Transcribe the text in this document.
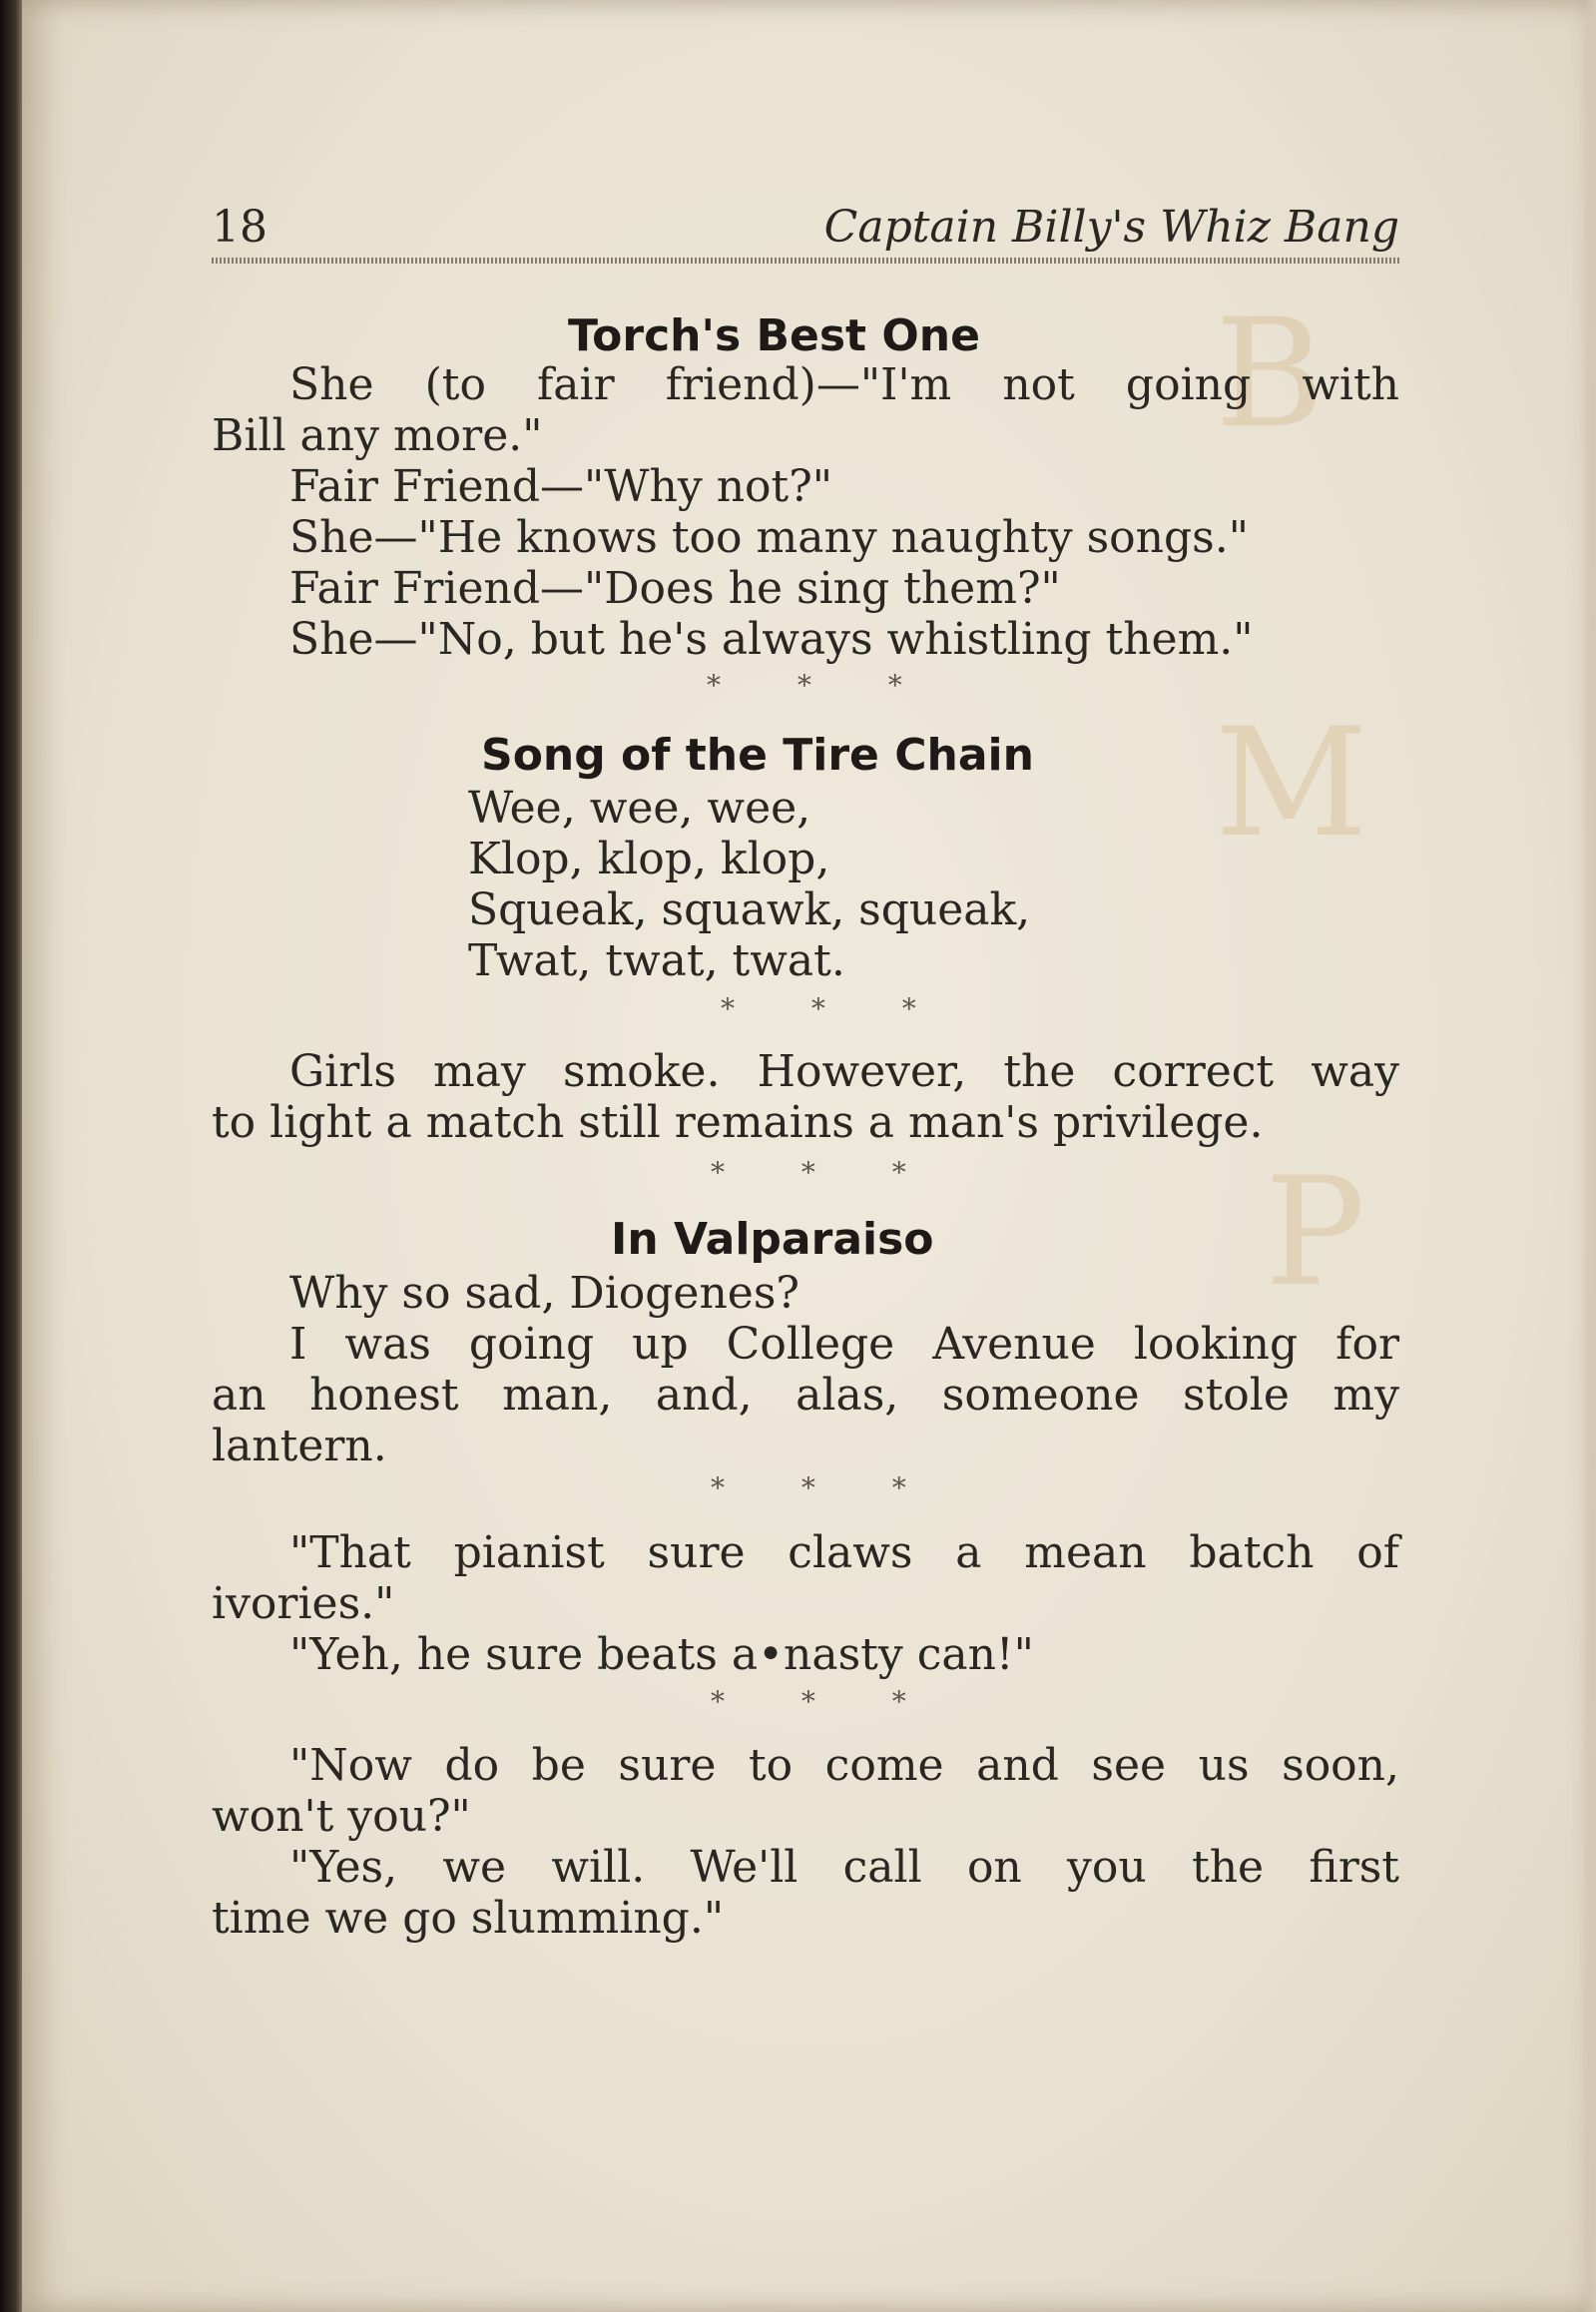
B
M
P
18	Captain Billy's Whiz Bang
Torch's Best One
She (to fair friend)—"I'm not going with
Bill any more."
Fair Friend—"Why not?"
She—"He knows too many naughty songs."
Fair Friend—"Does he sing them?"
She—"No, but he's always whistling them."
* * *
Song of the Tire Chain
Wee, wee, wee,
Klop, klop, klop,
Squeak, squawk, squeak,
Twat, twat, twat.
* * *
Girls may smoke. However, the correct way
to light a match still remains a man's privilege.
* * *
In Valparaiso
Why so sad, Diogenes?
I was going up College Avenue looking for
an honest man, and, alas, someone stole my
lantern.
* * *
"That pianist sure claws a mean batch of
ivories."
"Yeh, he sure beats a•nasty can!"
* * *
"Now do be sure to come and see us soon,
won't you?"
"Yes, we will. We'll call on you the first
time we go slumming."
